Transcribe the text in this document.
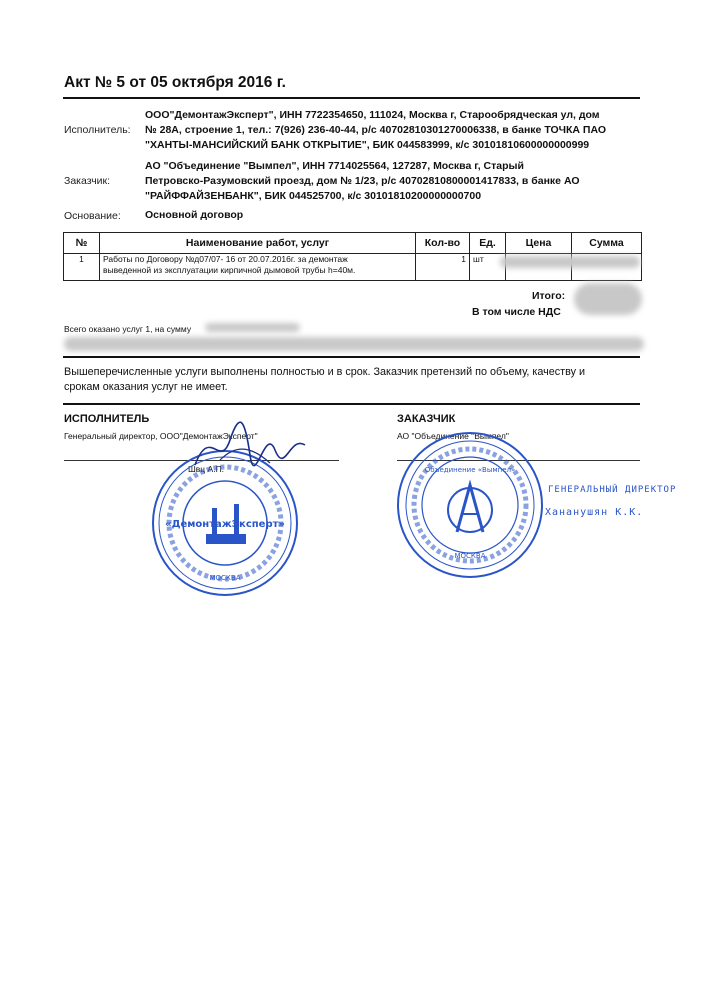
Акт № 5 от 05 октября 2016 г.
Исполнитель:
ООО"ДемонтажЭксперт", ИНН 7722354650, 111024, Москва г, Старообрядческая ул, дом
№ 28А, строение 1, тел.: 7(926) 236-40-44, р/с 40702810301270006338, в банке ТОЧКА ПАО
"ХАНТЫ-МАНСИЙСКИЙ БАНК ОТКРЫТИЕ", БИК 044583999, к/с 30101810600000000999
Заказчик:
АО "Объединение "Вымпел", ИНН 7714025564, 127287, Москва г, Старый
Петровско-Разумовский проезд, дом № 1/23, р/с 40702810800001417833, в банке АО
"РАЙФФАЙЗЕНБАНК", БИК 044525700, к/с 30101810200000000700
Основание: Основной договор
№	Наименование работ, услуг	Кол-во	Ед.	Цена	Сумма
1	Работы по Договору №д07/07- 16 от 20.07.2016г. за демонтаж
выведенной из эксплуатации кирпичной дымовой трубы h=40м.	1	шт		
Итого:
В том числе НДС
Всего оказано услуг 1, на сумму
Вышеперечисленные услуги выполнены полностью и в срок. Заказчик претензий по объему, качеству и
срокам оказания услуг не имеет.
ИСПОЛНИТЕЛЬ
Генеральный директор, ООО"ДемонтажЭксперт"
Швц А.П.
ЗАКАЗЧИК
АО "Объединение "Вымпел"
«ДемонтажЭксперт»
МОСКВА
Объединение «Вымпел»
МОСКВА
ГЕНЕРАЛЬНЫЙ ДИРЕКТОР
Хананушян К.К.
